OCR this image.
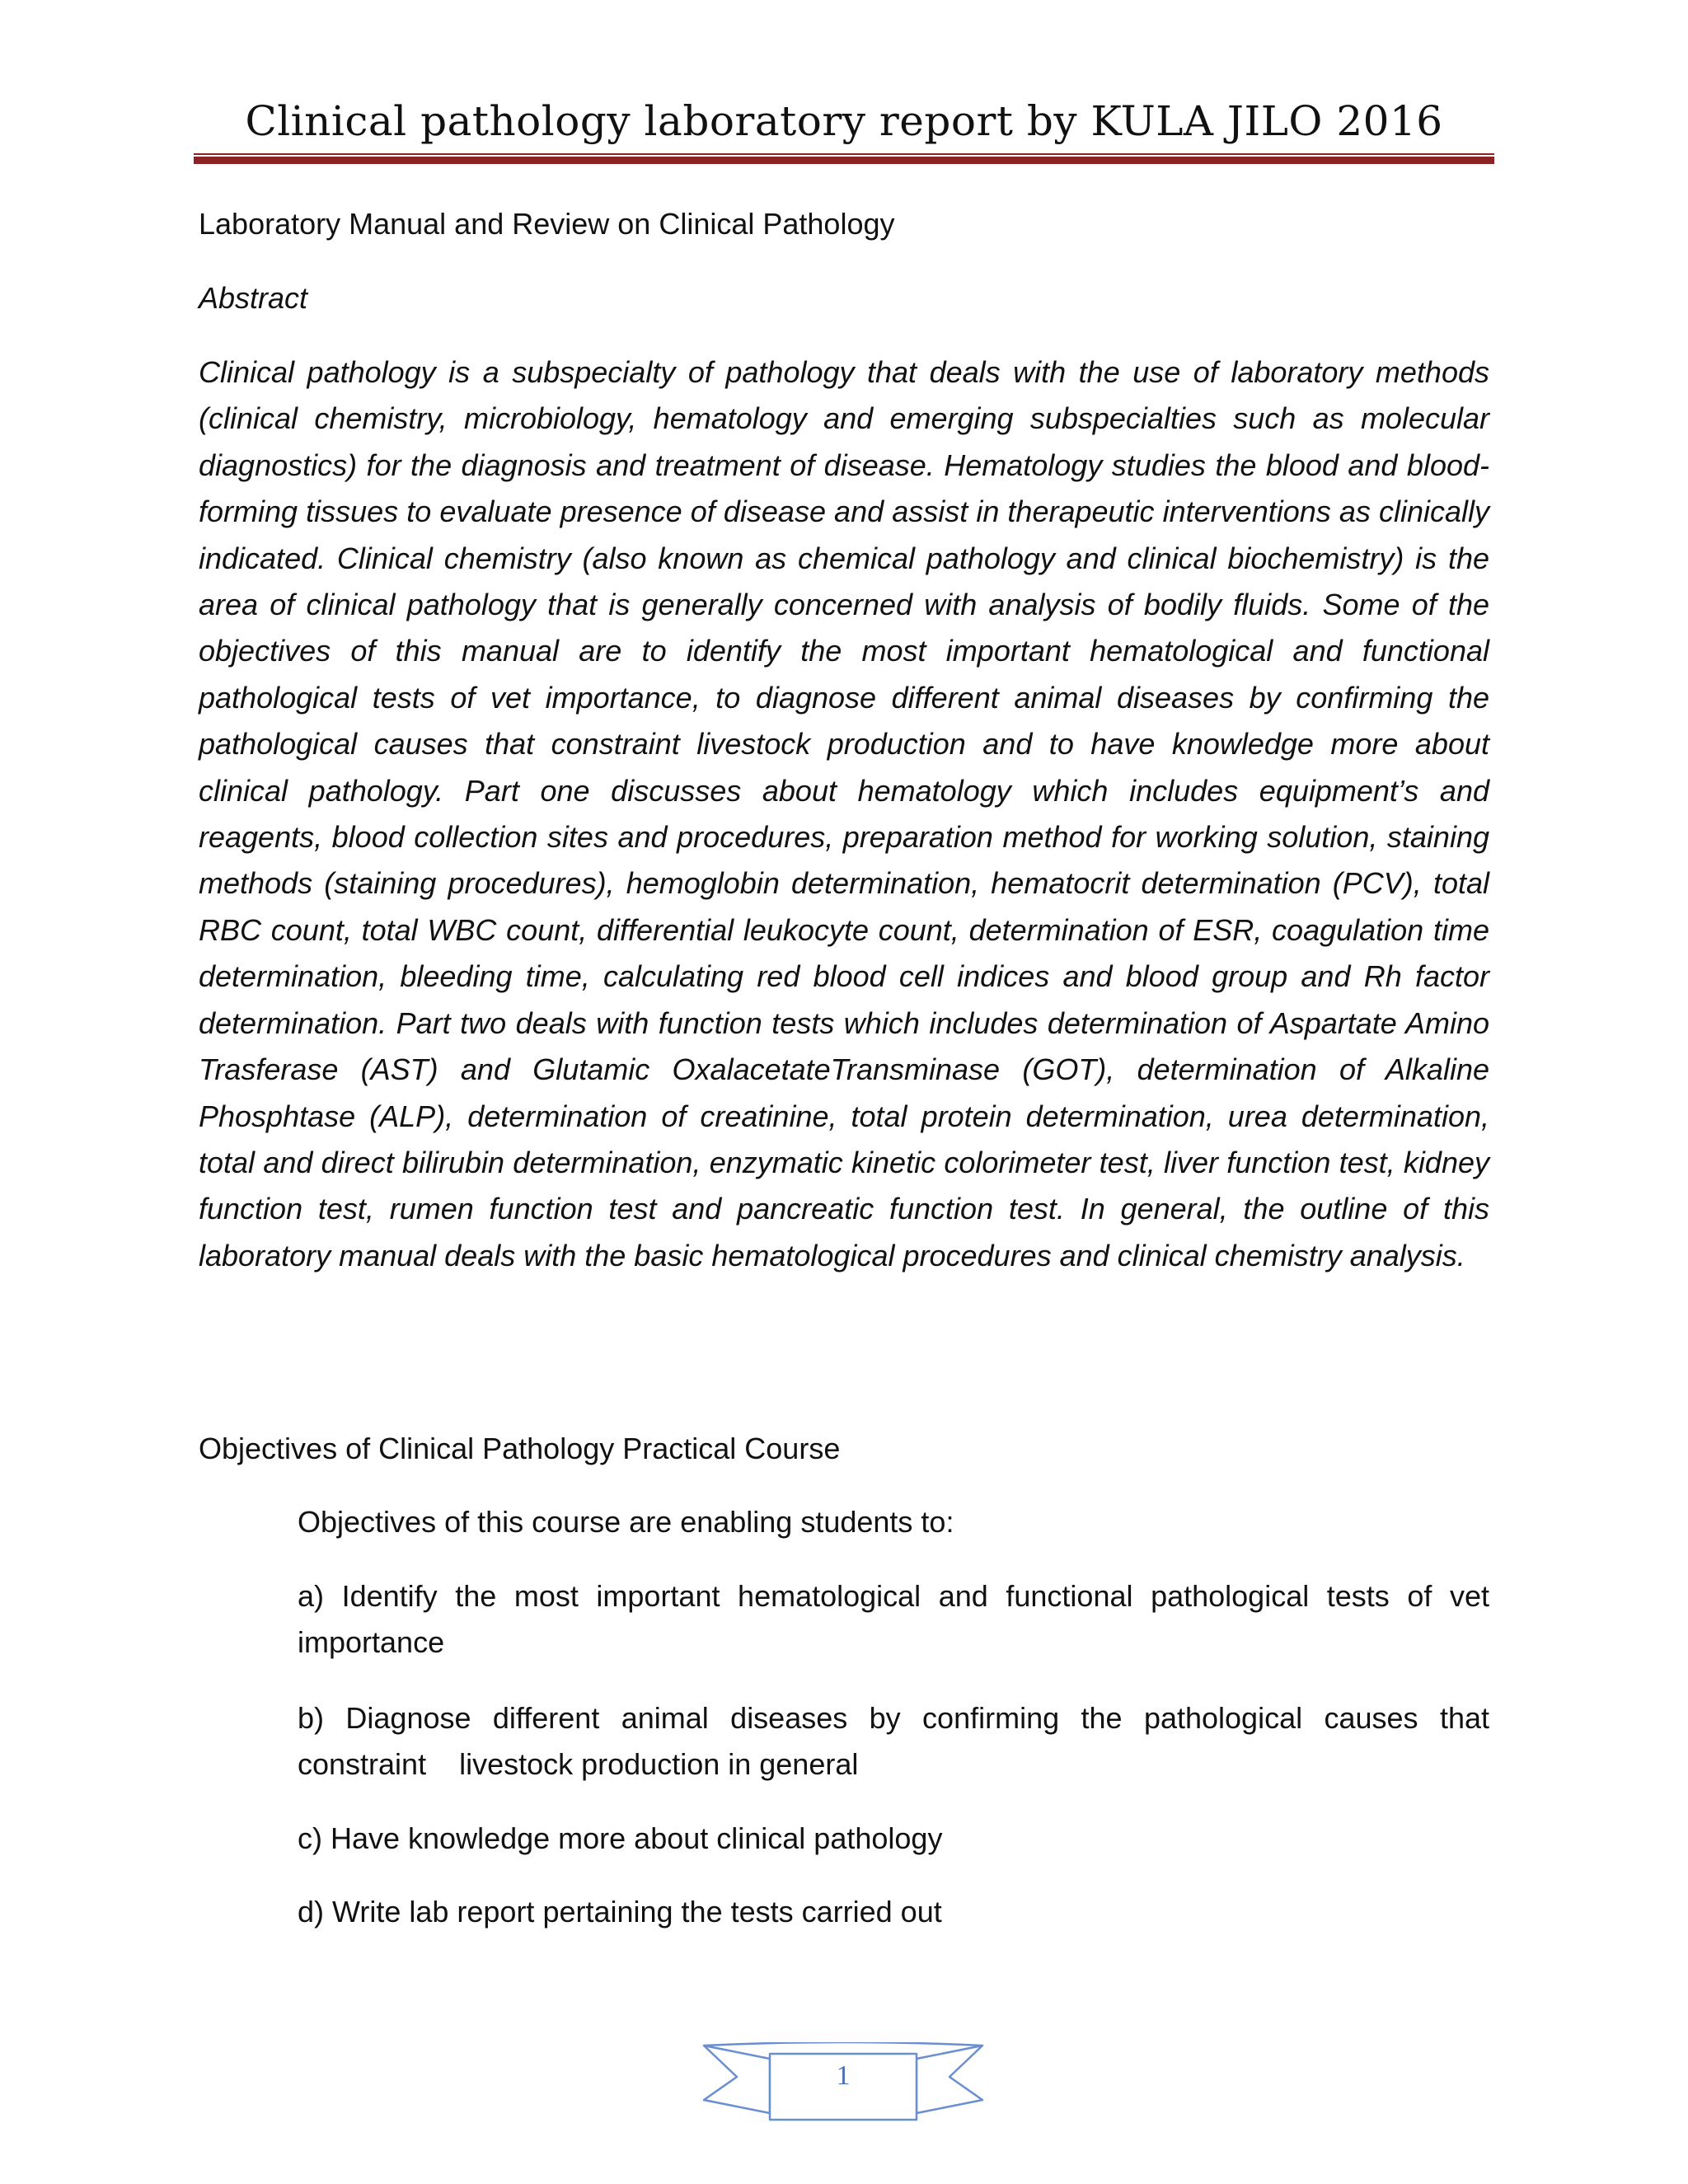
Clinical pathology laboratory report by KULA JILO 2016
Laboratory Manual and Review on Clinical Pathology
Abstract
Clinical pathology is a subspecialty of pathology that deals with the use of laboratory methods (clinical chemistry, microbiology, hematology and emerging subspecialties such as molecular diagnostics) for the diagnosis and treatment of disease. Hematology studies the blood and blood-forming tissues to evaluate presence of disease and assist in therapeutic interventions as clinically indicated. Clinical chemistry (also known as chemical pathology and clinical biochemistry) is the area of clinical pathology that is generally concerned with analysis of bodily fluids. Some of the objectives of this manual are to identify the most important hematological and functional pathological tests of vet importance, to diagnose different animal diseases by confirming the pathological causes that constraint livestock production and to have knowledge more about clinical pathology. Part one discusses about hematology which includes equipment’s and reagents, blood collection sites and procedures, preparation method for working solution, staining methods (staining procedures), hemoglobin determination, hematocrit determination (PCV), total RBC count, total WBC count, differential leukocyte count, determination of ESR, coagulation time determination, bleeding time, calculating red blood cell indices and blood group and Rh factor determination. Part two deals with function tests which includes determination of Aspartate Amino Trasferase (AST) and Glutamic OxalacetateTransminase (GOT), determination of Alkaline Phosphtase (ALP), determination of creatinine, total protein determination, urea determination, total and direct bilirubin determination, enzymatic kinetic colorimeter test, liver function test, kidney function test, rumen function test and pancreatic function test. In general, the outline of this laboratory manual deals with the basic hematological procedures and clinical chemistry analysis.
Objectives of Clinical Pathology Practical Course
Objectives of this course are enabling students to:
a) Identify the most important hematological and functional pathological tests of vet importance
b) Diagnose different animal diseases by confirming the pathological causes that constraint    livestock production in general
c) Have knowledge more about clinical pathology
d) Write lab report pertaining the tests carried out
1
